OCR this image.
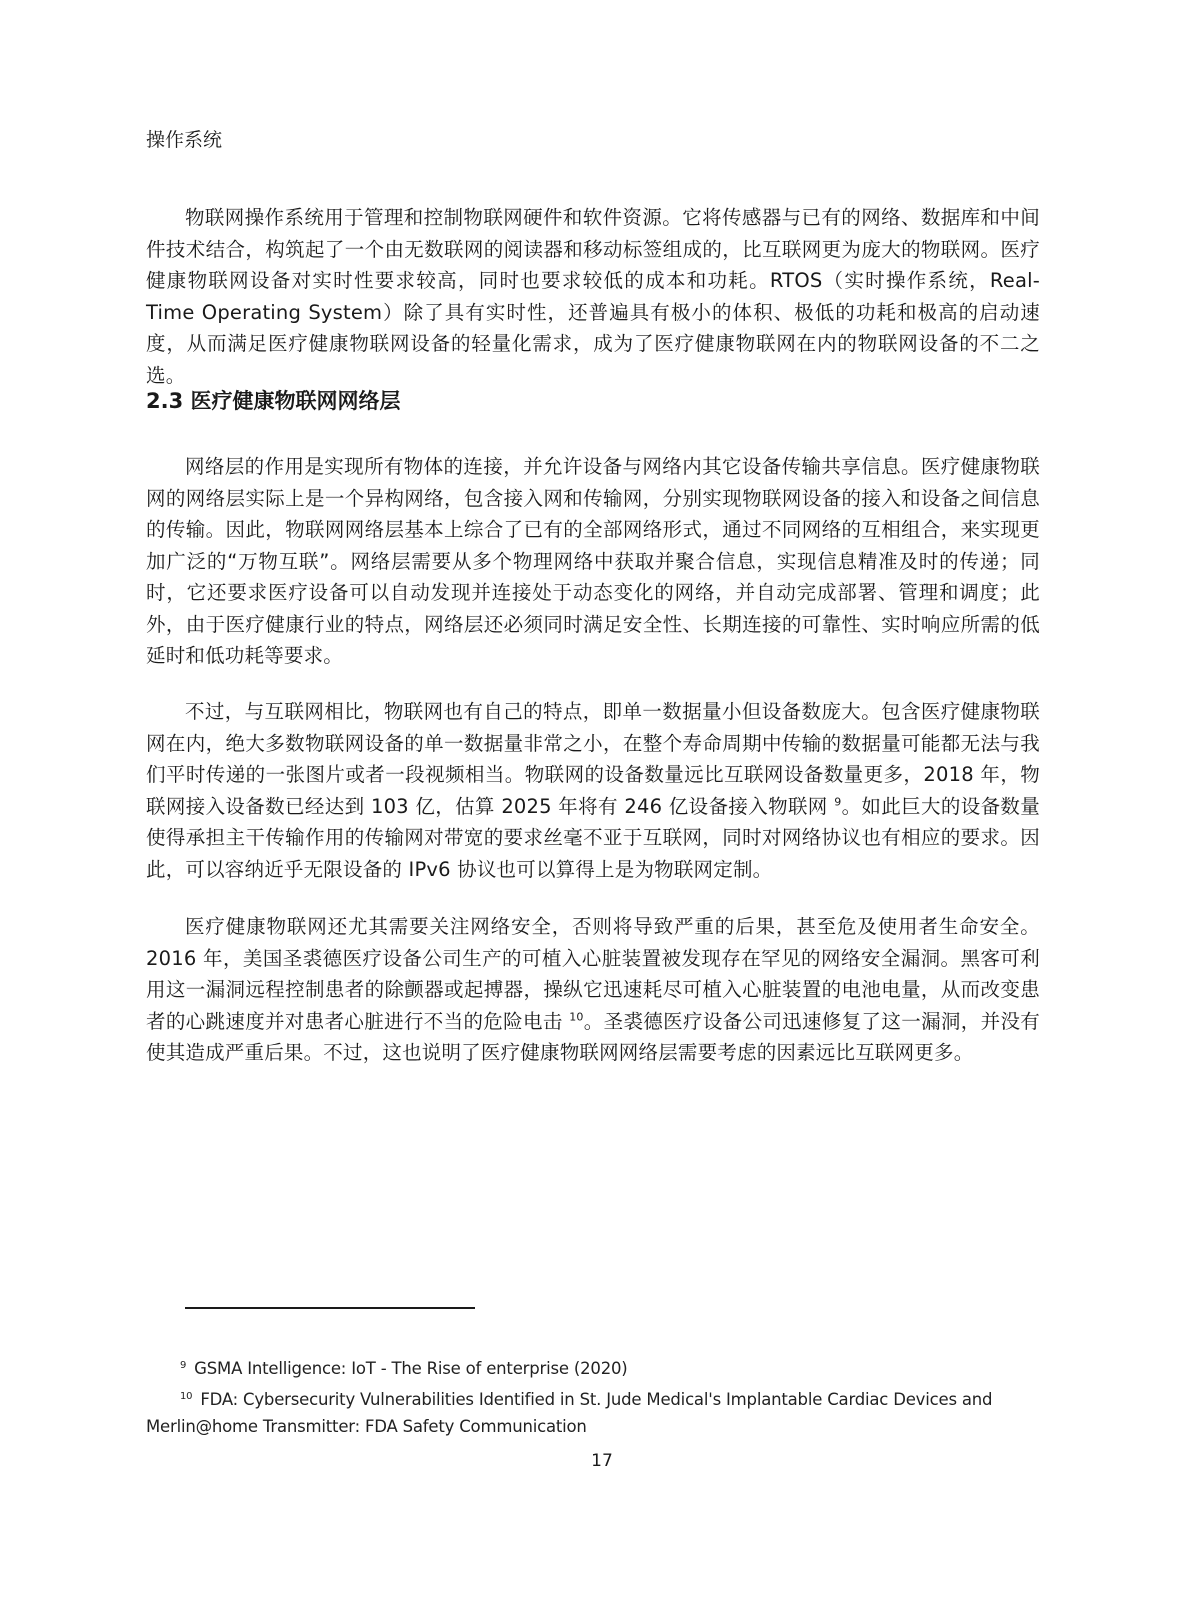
操作系统

物联网操作系统用于管理和控制物联网硬件和软件资源。它将传感器与已有的网络、数据库和中间件技术结合，构筑起了一个由无数联网的阅读器和移动标签组成的，比互联网更为庞大的物联网。医疗健康物联网设备对实时性要求较高，同时也要求较低的成本和功耗。RTOS（实时操作系统，Real-Time Operating System）除了具有实时性，还普遍具有极小的体积、极低的功耗和极高的启动速度，从而满足医疗健康物联网设备的轻量化需求，成为了医疗健康物联网在内的物联网设备的不二之选。

2.3 医疗健康物联网网络层

网络层的作用是实现所有物体的连接，并允许设备与网络内其它设备传输共享信息。医疗健康物联网的网络层实际上是一个异构网络，包含接入网和传输网，分别实现物联网设备的接入和设备之间信息的传输。因此，物联网网络层基本上综合了已有的全部网络形式，通过不同网络的互相组合，来实现更加广泛的“万物互联”。网络层需要从多个物理网络中获取并聚合信息，实现信息精准及时的传递；同时，它还要求医疗设备可以自动发现并连接处于动态变化的网络，并自动完成部署、管理和调度；此外，由于医疗健康行业的特点，网络层还必须同时满足安全性、长期连接的可靠性、实时响应所需的低延时和低功耗等要求。

不过，与互联网相比，物联网也有自己的特点，即单一数据量小但设备数庞大。包含医疗健康物联网在内，绝大多数物联网设备的单一数据量非常之小，在整个寿命周期中传输的数据量可能都无法与我们平时传递的一张图片或者一段视频相当。物联网的设备数量远比互联网设备数量更多，2018 年，物联网接入设备数已经达到 103 亿，估算 2025 年将有 246 亿设备接入物联网 $^9$。如此巨大的设备数量使得承担主干传输作用的传输网对带宽的要求丝毫不亚于互联网，同时对网络协议也有相应的要求。因此，可以容纳近乎无限设备的 IPv6 协议也可以算得上是为物联网定制。

医疗健康物联网还尤其需要关注网络安全，否则将导致严重的后果，甚至危及使用者生命安全。2016 年，美国圣裘德医疗设备公司生产的可植入心脏装置被发现存在罕见的网络安全漏洞。黑客可利用这一漏洞远程控制患者的除颤器或起搏器，操纵它迅速耗尽可植入心脏装置的电池电量，从而改变患者的心跳速度并对患者心脏进行不当的危险电击 $^{10}$。圣裘德医疗设备公司迅速修复了这一漏洞，并没有使其造成严重后果。不过，这也说明了医疗健康物联网网络层需要考虑的因素远比互联网更多。

$^9$ GSMA Intelligence: IoT - The Rise of enterprise (2020)

$^{10}$ FDA: Cybersecurity Vulnerabilities Identified in St. Jude Medical's Implantable Cardiac Devices and Merlin@home Transmitter: FDA Safety Communication

17
